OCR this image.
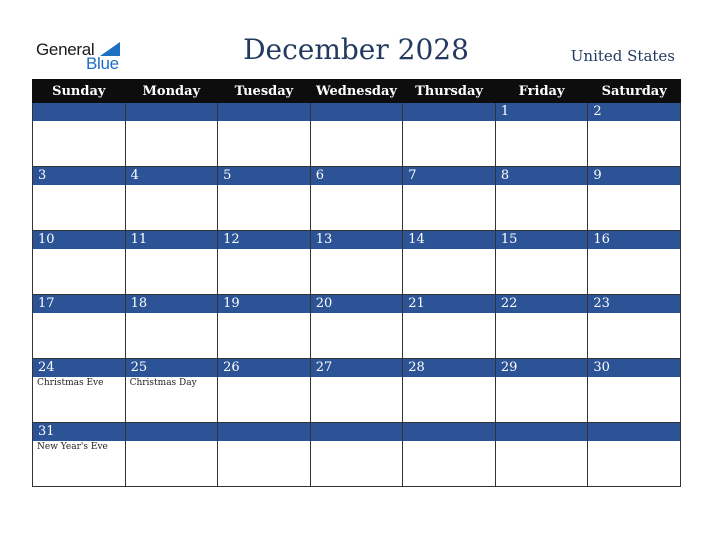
General
Blue	December 2028	United States
Sunday	Monday	Tuesday	Wednesday	Thursday	Friday	Saturday

					1	2

3	4	5	6	7	8	9

10	11	12	13	14	15	16

17	18	19	20	21	22	23

24	25	26	27	28	29	30

Christmas Eve	Christmas Day					

31						

New Year's Eve						
